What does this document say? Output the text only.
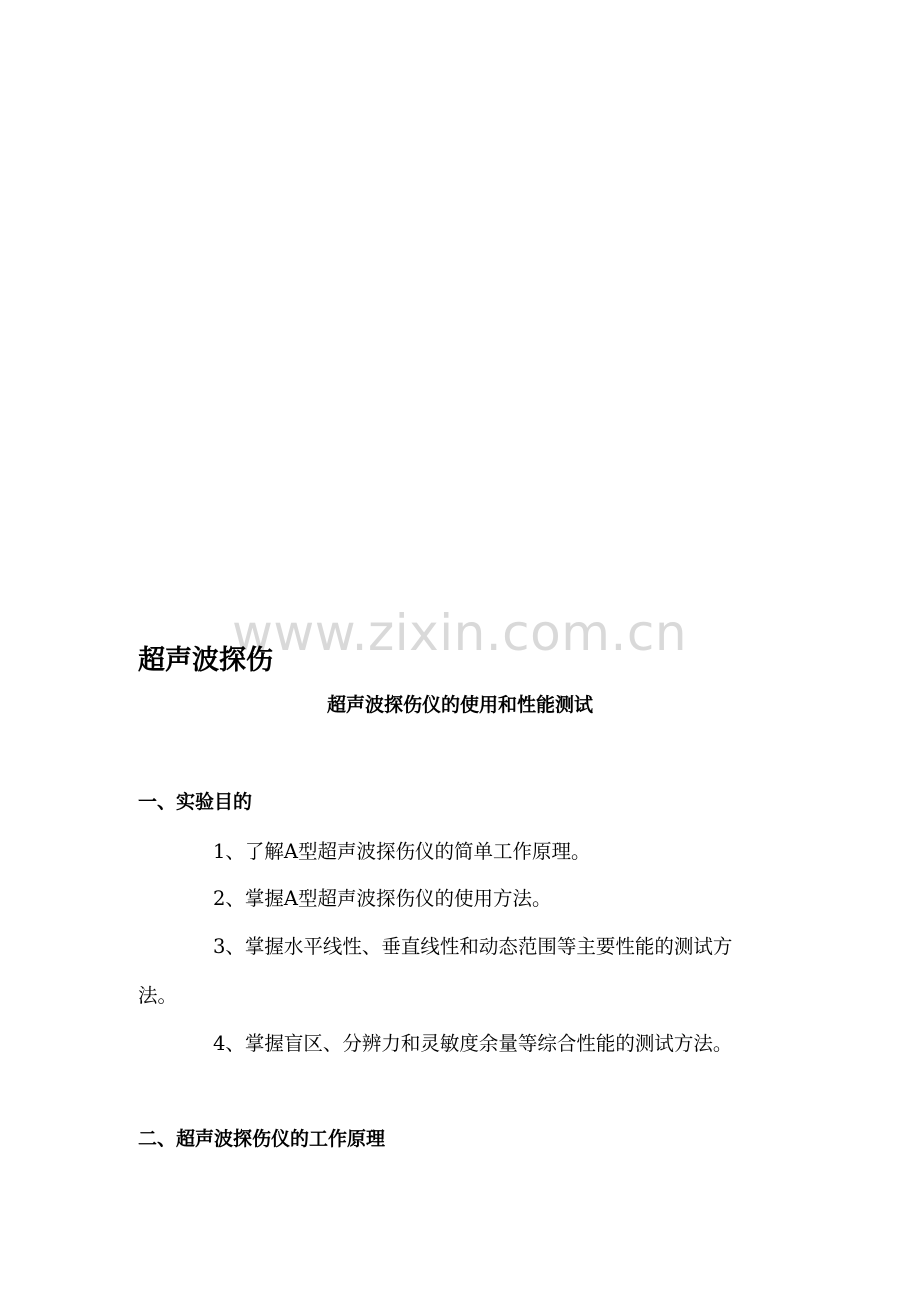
www.zixin.com.cn
超声波探伤
超声波探伤仪的使用和性能测试
一、实验目的
1、了解A型超声波探伤仪的简单工作原理。
2、掌握A型超声波探伤仪的使用方法。
3、掌握水平线性、垂直线性和动态范围等主要性能的测试方
法。
4、掌握盲区、分辨力和灵敏度余量等综合性能的测试方法。
二、超声波探伤仪的工作原理
